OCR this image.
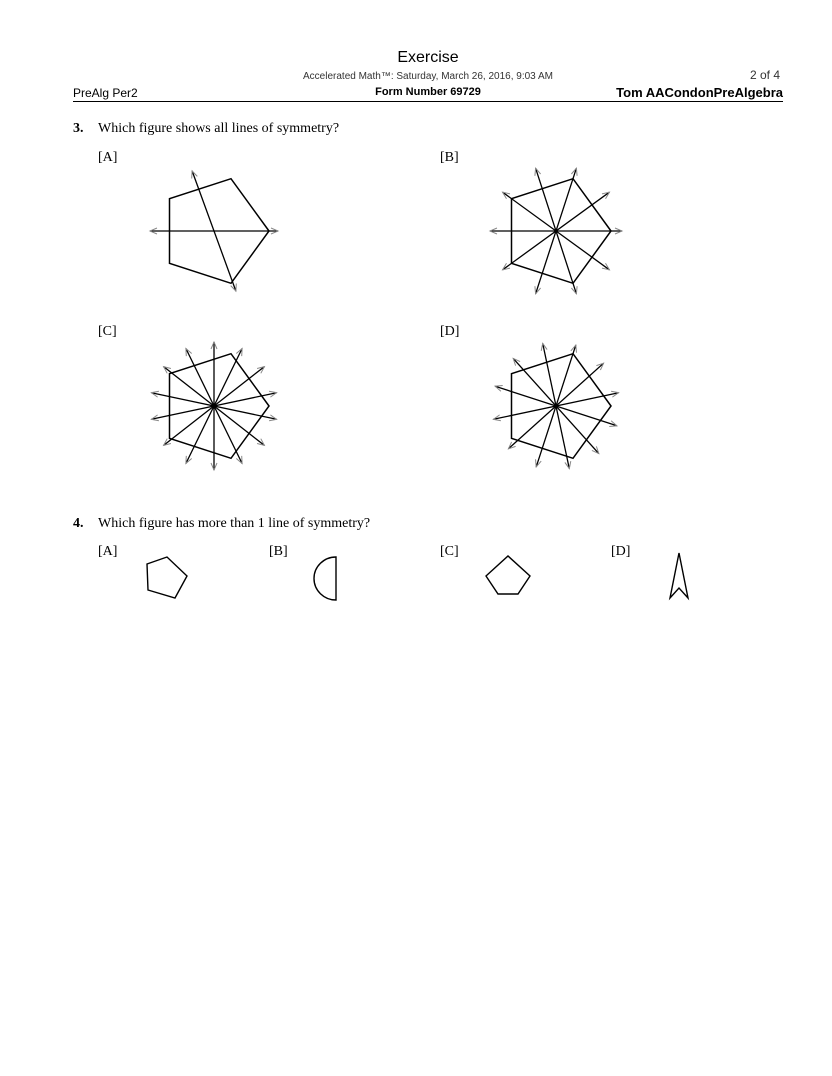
Exercise
Accelerated Math™: Saturday, March 26, 2016, 9:03 AM	2 of 4
PreAlg Per2	Form Number 69729	Tom AACondonPreAlgebra
3. Which figure shows all lines of symmetry?
[A]	[B]
[C]	[D]
4. Which figure has more than 1 line of symmetry?
[A]	[B]	[C]	[D]
